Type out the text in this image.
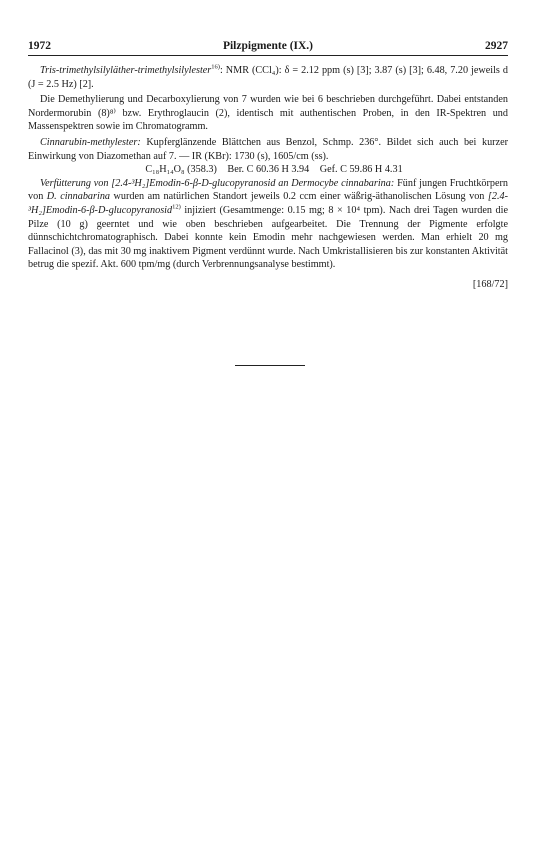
1972	Pilzpigmente (IX.)	2927

Tris-trimethylsilyläther-trimethylsilylester$^{16)}$: NMR (CCl₄): δ = 2.12 ppm (s) [3]; 3.87 (s) [3]; 6.48, 7.20 jeweils d (J = 2.5 Hz) [2].

Die Demethylierung und Decarboxylierung von 7 wurden wie bei 6 beschrieben durchgeführt. Dabei entstanden Nordermorubin (8)⁸⁾ bzw. Erythroglaucin (2), identisch mit authentischen Proben, in den IR-Spektren und Massenspektren sowie im Chromatogramm.

Cinnarubin-methylester: Kupferglänzende Blättchen aus Benzol, Schmp. 236°. Bildet sich auch bei kurzer Einwirkung von Diazomethan auf 7. — IR (KBr): 1730 (s), 1605/cm (ss).

C₁₈H₁₄O₈ (358.3) Ber. C 60.36 H 3.94 Gef. C 59.86 H 4.31

Verfütterung von [2.4-³H₂]Emodin-6-β-D-glucopyranosid an Dermocybe cinnabarina: Fünf jungen Fruchtkörpern von D. cinnabarina wurden am natürlichen Standort jeweils 0.2 ccm einer wäßrig-äthanolischen Lösung von [2.4-³H₂]Emodin-6-β-D-glucopyranosid$^{12)}$ injiziert (Gesamtmenge: 0.15 mg; 8 × 10⁴ tpm). Nach drei Tagen wurden die Pilze (10 g) geerntet und wie oben beschrieben aufgearbeitet. Die Trennung der Pigmente erfolgte dünnschichtchromatographisch. Dabei konnte kein Emodin mehr nachgewiesen werden. Man erhielt 20 mg Fallacinol (3), das mit 30 mg inaktivem Pigment verdünnt wurde. Nach Umkristallisieren bis zur konstanten Aktivität betrug die spezif. Akt. 600 tpm/mg (durch Verbrennungsanalyse bestimmt).

[168/72]
